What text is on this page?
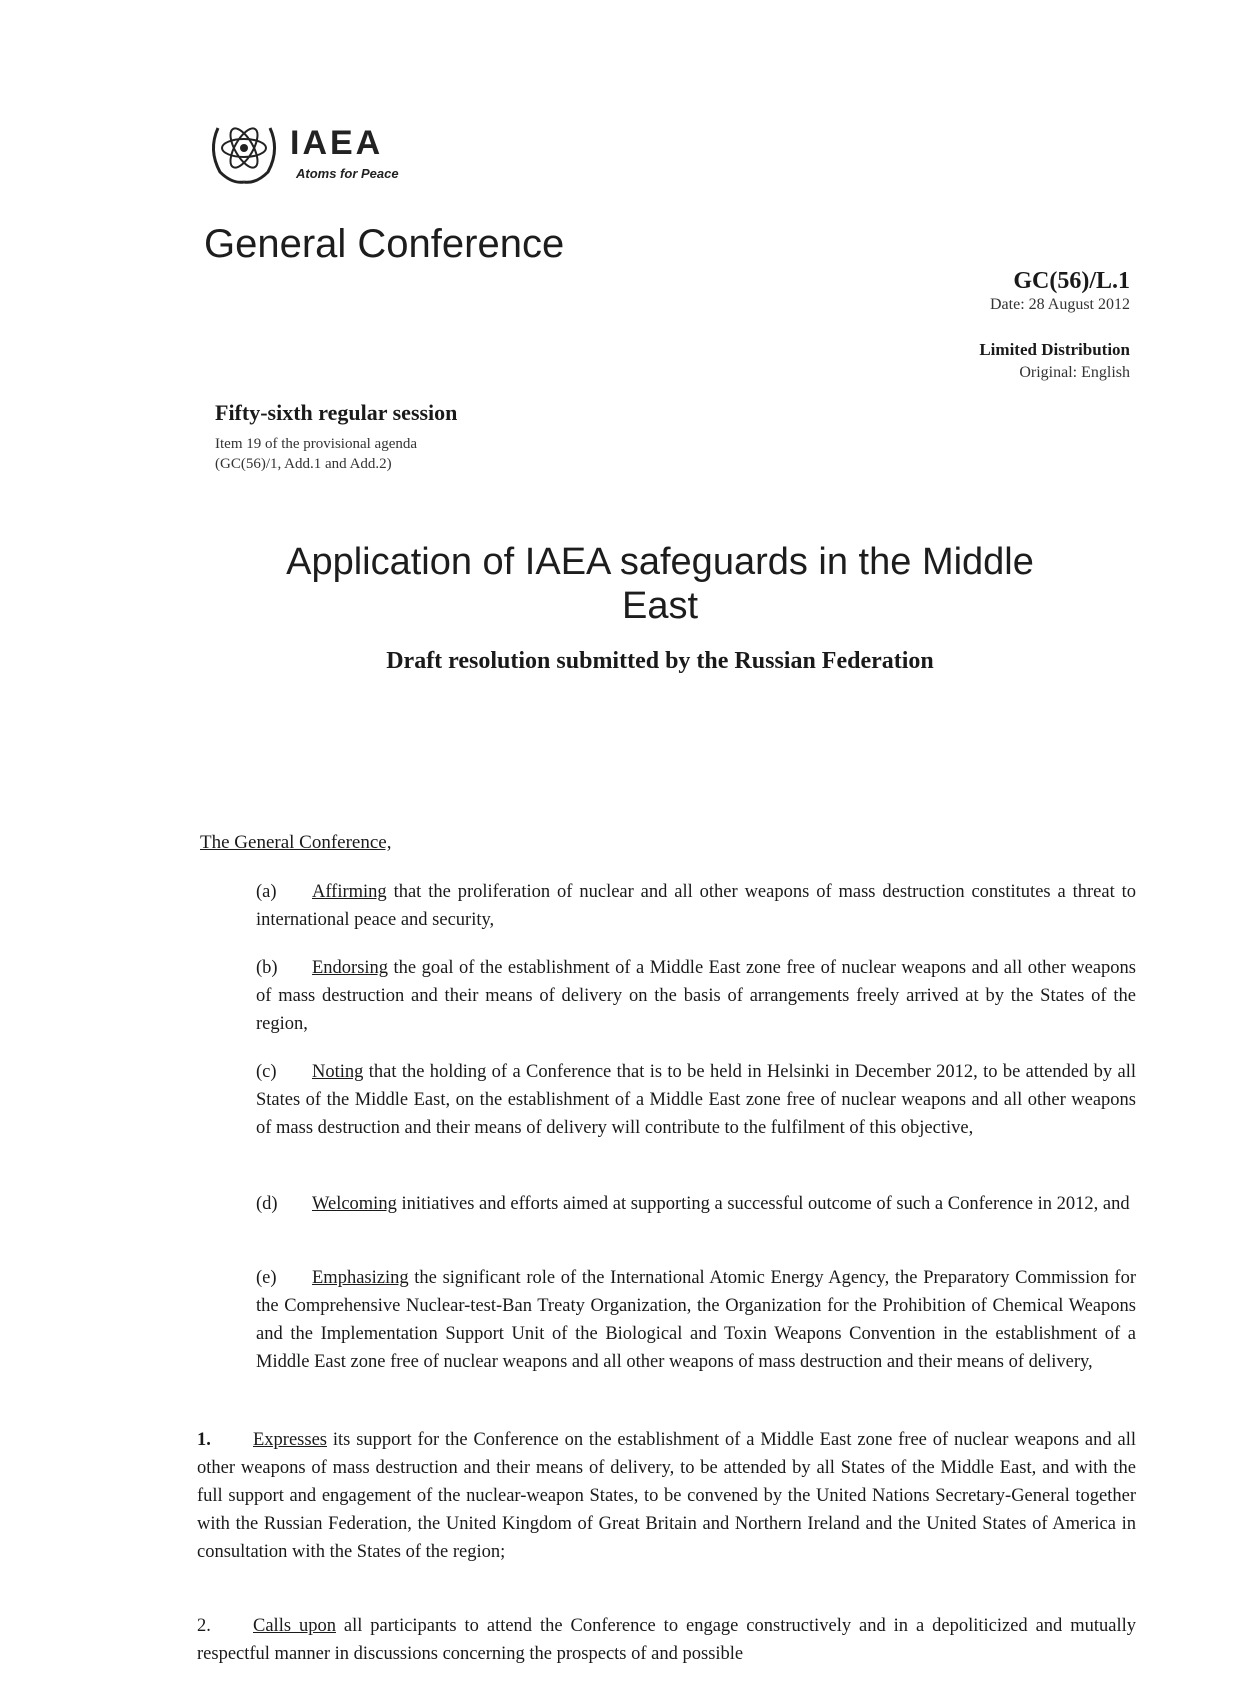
IAEA
Atoms for Peace
General Conference
GC(56)/L.1
Date: 28 August 2012
Limited Distribution
Original: English
Fifty-sixth regular session
Item 19 of the provisional agenda
(GC(56)/1, Add.1 and Add.2)
Application of IAEA safeguards in the Middle
East
Draft resolution submitted by the Russian Federation
The General Conference,
(a) Affirming that the proliferation of nuclear and all other weapons of mass destruction constitutes a threat to international peace and security,
(b) Endorsing the goal of the establishment of a Middle East zone free of nuclear weapons and all other weapons of mass destruction and their means of delivery on the basis of arrangements freely arrived at by the States of the region,
(c) Noting that the holding of a Conference that is to be held in Helsinki in December 2012, to be attended by all States of the Middle East, on the establishment of a Middle East zone free of nuclear weapons and all other weapons of mass destruction and their means of delivery will contribute to the fulfilment of this objective,
(d) Welcoming initiatives and efforts aimed at supporting a successful outcome of such a Conference in 2012, and
(e) Emphasizing the significant role of the International Atomic Energy Agency, the Preparatory Commission for the Comprehensive Nuclear-test-Ban Treaty Organization, the Organization for the Prohibition of Chemical Weapons and the Implementation Support Unit of the Biological and Toxin Weapons Convention in the establishment of a Middle East zone free of nuclear weapons and all other weapons of mass destruction and their means of delivery,
1. Expresses its support for the Conference on the establishment of a Middle East zone free of nuclear weapons and all other weapons of mass destruction and their means of delivery, to be attended by all States of the Middle East, and with the full support and engagement of the nuclear-weapon States, to be convened by the United Nations Secretary-General together with the Russian Federation, the United Kingdom of Great Britain and Northern Ireland and the United States of America in consultation with the States of the region;
2. Calls upon all participants to attend the Conference to engage constructively and in a depoliticized and mutually respectful manner in discussions concerning the prospects of and possible
